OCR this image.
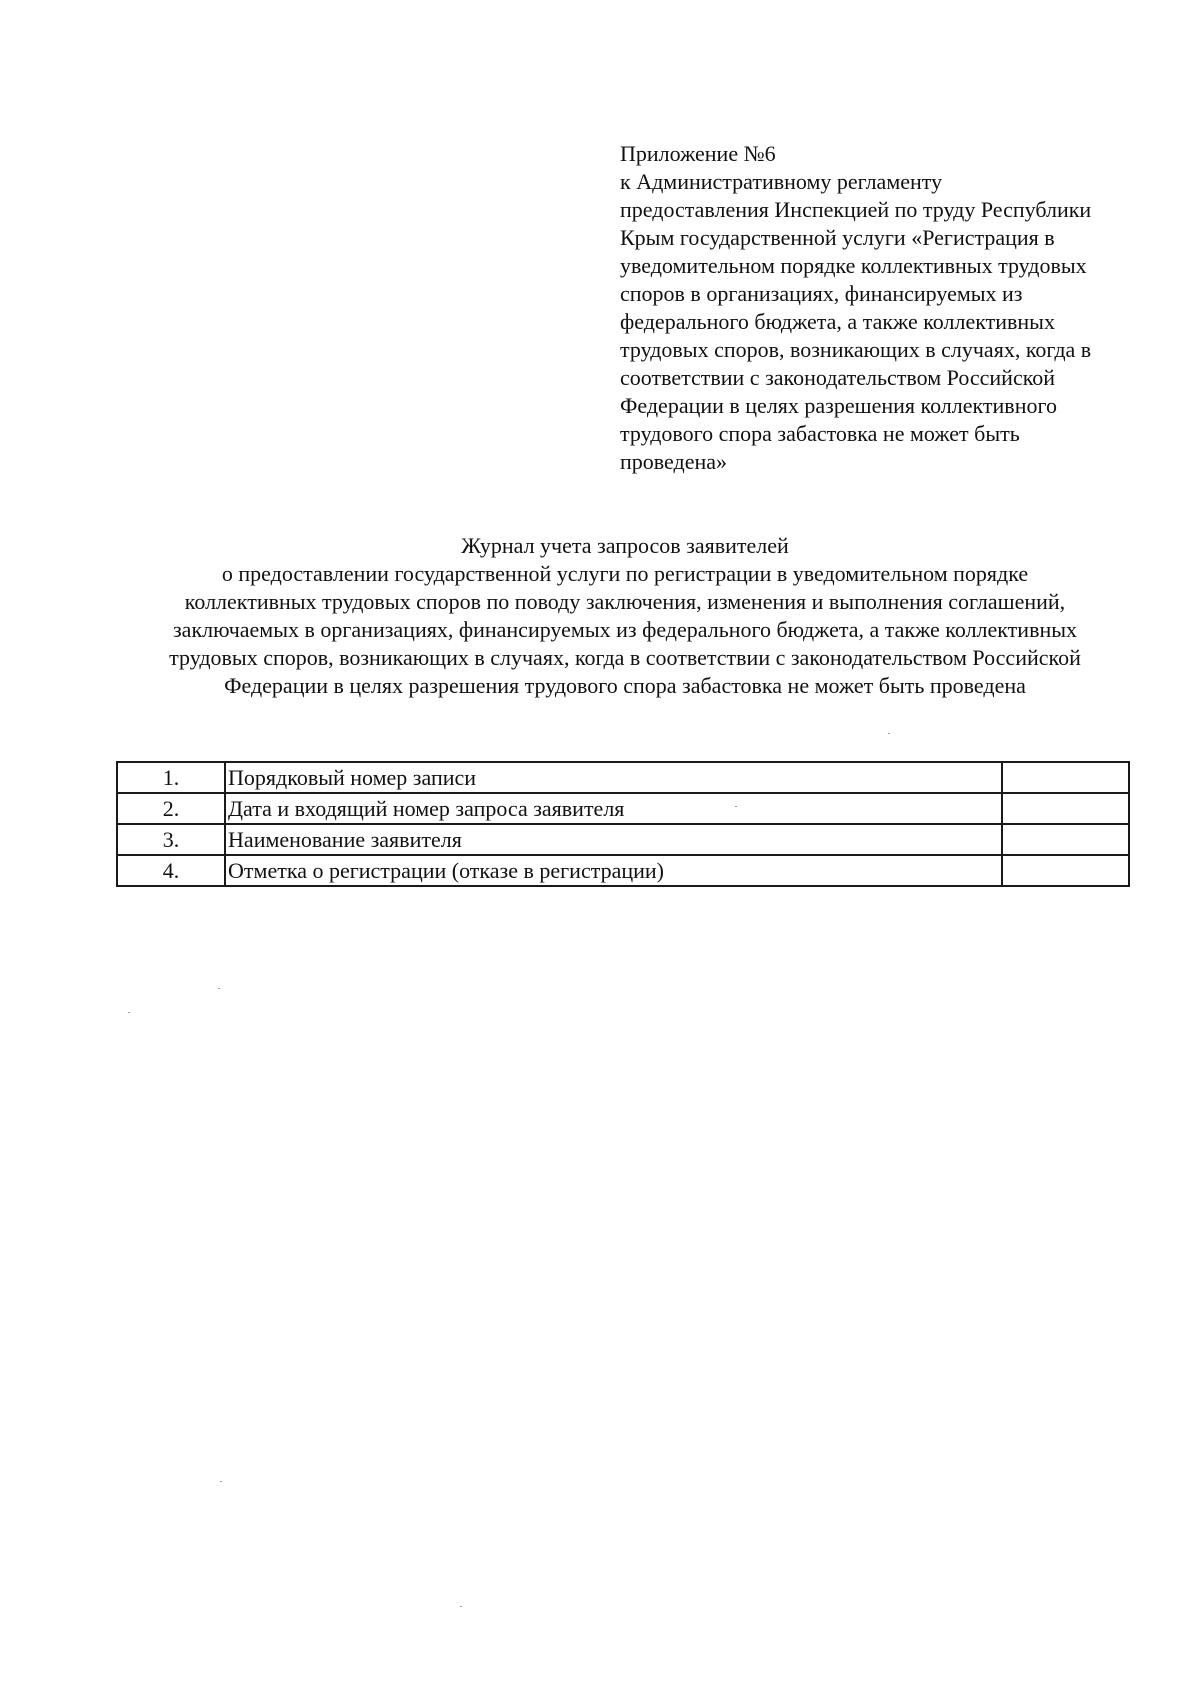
Приложение №6
к Административному регламенту
предоставления Инспекцией по труду Республики
Крым государственной услуги «Регистрация в
уведомительном порядке коллективных трудовых
споров в организациях, финансируемых из
федерального бюджета, а также коллективных
трудовых споров, возникающих в случаях, когда в
соответствии с законодательством Российской
Федерации в целях разрешения коллективного
трудового спора забастовка не может быть
проведена»
Журнал учета запросов заявителей
о предоставлении государственной услуги по регистрации в уведомительном порядке
коллективных трудовых споров по поводу заключения, изменения и выполнения соглашений,
заключаемых в организациях, финансируемых из федерального бюджета, а также коллективных
трудовых споров, возникающих в случаях, когда в соответствии с законодательством Российской
Федерации в целях разрешения трудового спора забастовка не может быть проведена
1.	Порядковый номер записи	
2.	Дата и входящий номер запроса заявителя	
3.	Наименование заявителя	
4.	Отметка о регистрации (отказе в регистрации)	
